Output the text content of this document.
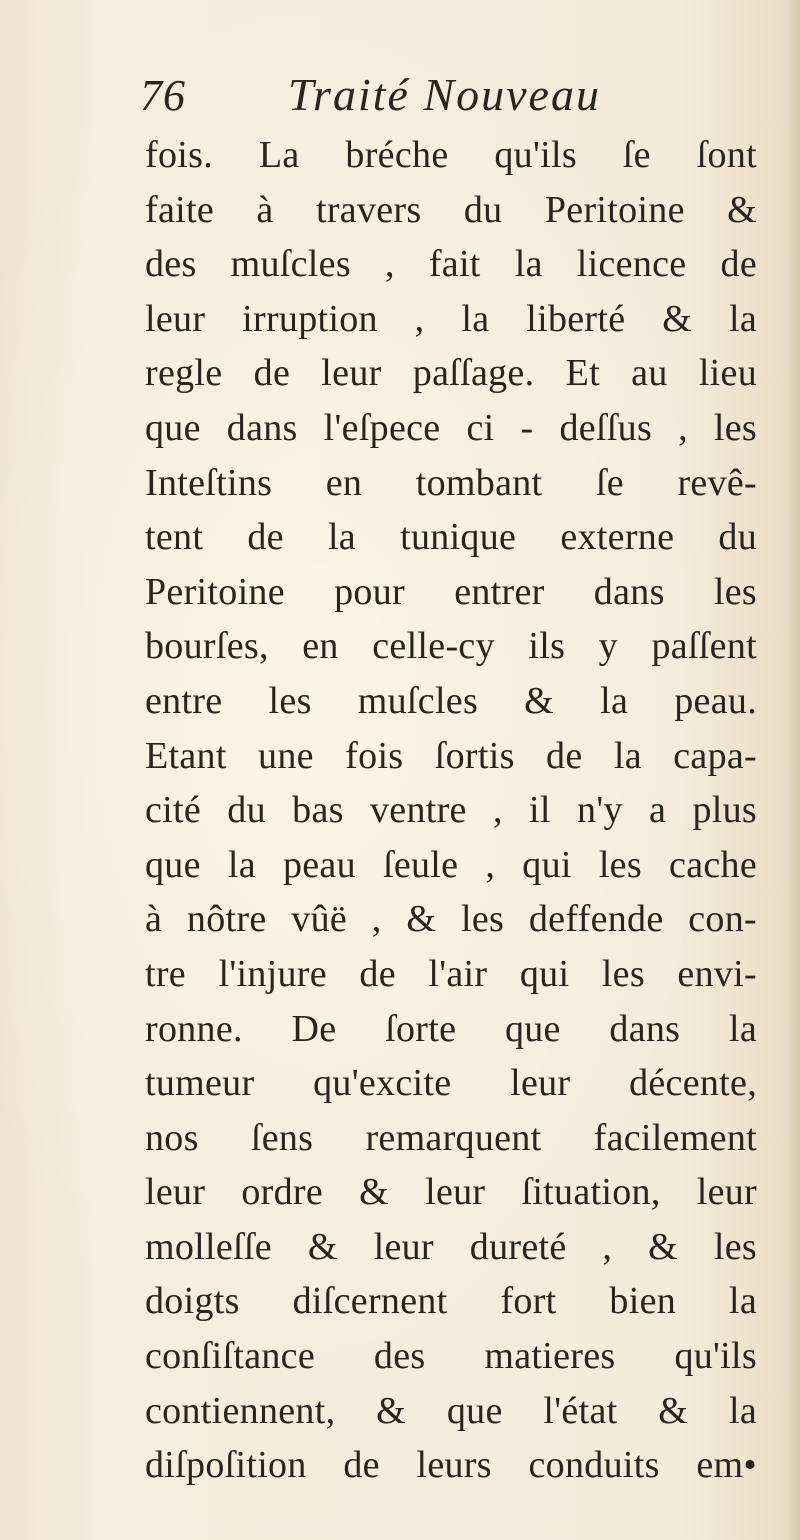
76 Traité Nouveau
fois. La bréche qu'ils ſe ſont
faite à travers du Peritoine &
des muſcles , fait la licence de
leur irruption , la liberté & la
regle de leur paſſage. Et au lieu
que dans l'eſpece ci - deſſus , les
Inteſtins en tombant ſe revê-
tent de la tunique externe du
Peritoine pour entrer dans les
bourſes, en celle-cy ils y paſſent
entre les muſcles & la peau.
Etant une fois ſortis de la capa-
cité du bas ventre , il n'y a plus
que la peau ſeule , qui les cache
à nôtre vûë , & les deffende con-
tre l'injure de l'air qui les envi-
ronne. De ſorte que dans la
tumeur qu'excite leur décente,
nos ſens remarquent facilement
leur ordre & leur ſituation, leur
molleſſe & leur dureté , & les
doigts diſcernent fort bien la
conſiſtance des matieres qu'ils
contiennent, & que l'état & la
diſpoſition de leurs conduits em•
